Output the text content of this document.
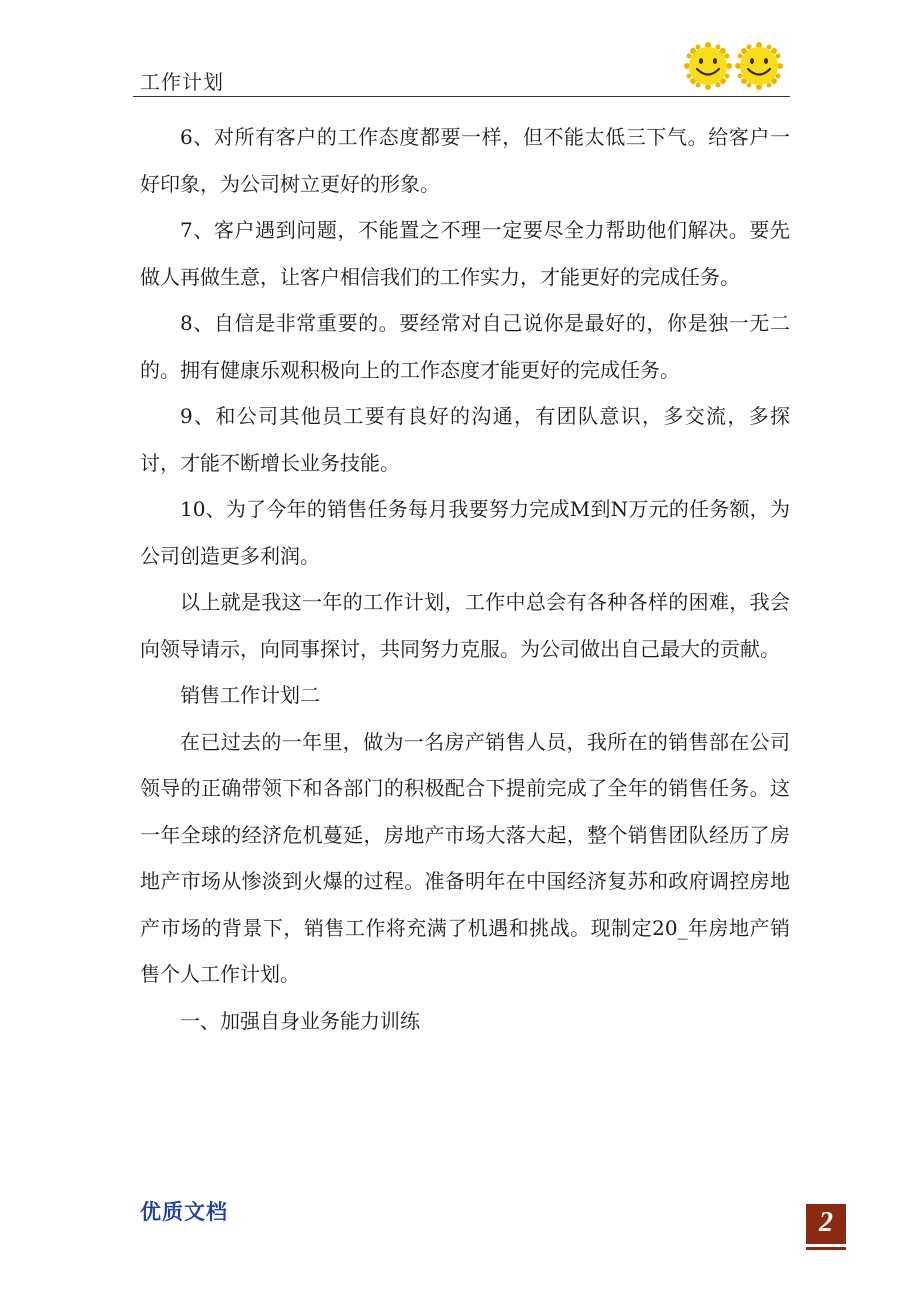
工作计划

6、对所有客户的工作态度都要一样，但不能太低三下气。给客户一好印象，为公司树立更好的形象。

7、客户遇到问题，不能置之不理一定要尽全力帮助他们解决。要先做人再做生意，让客户相信我们的工作实力，才能更好的完成任务。

8、自信是非常重要的。要经常对自己说你是最好的，你是独一无二的。拥有健康乐观积极向上的工作态度才能更好的完成任务。

9、和公司其他员工要有良好的沟通，有团队意识，多交流，多探讨，才能不断增长业务技能。

10、为了今年的销售任务每月我要努力完成M到N万元的任务额，为公司创造更多利润。

以上就是我这一年的工作计划，工作中总会有各种各样的困难，我会向领导请示，向同事探讨，共同努力克服。为公司做出自己最大的贡献。

销售工作计划二

在已过去的一年里，做为一名房产销售人员，我所在的销售部在公司领导的正确带领下和各部门的积极配合下提前完成了全年的销售任务。这一年全球的经济危机蔓延，房地产市场大落大起，整个销售团队经历了房地产市场从惨淡到火爆的过程。准备明年在中国经济复苏和政府调控房地产市场的背景下，销售工作将充满了机遇和挑战。现制定20_年房地产销售个人工作计划。

一、加强自身业务能力训练

优质文档	2
